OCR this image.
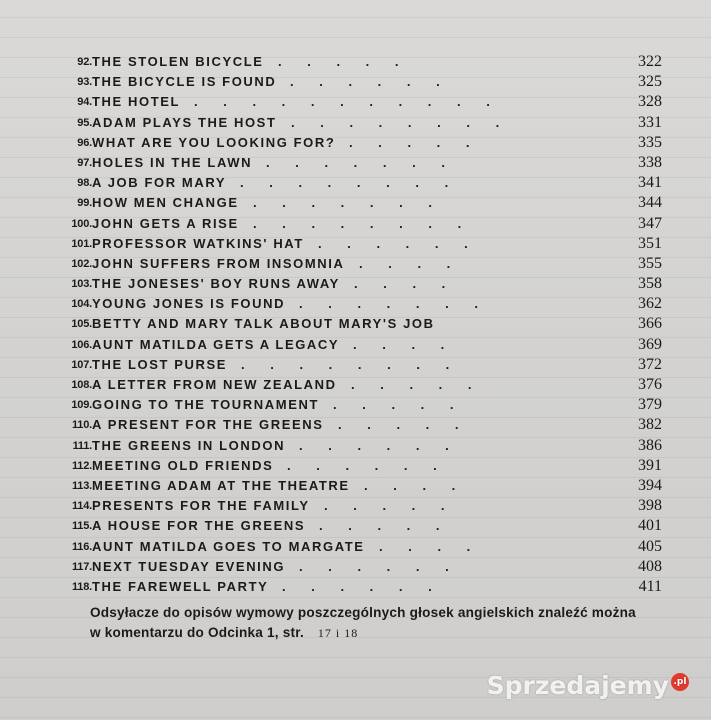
92. THE STOLEN BICYCLE	322
. . . . .
93. THE BICYCLE IS FOUND	325
. . . . . .
94. THE HOTEL	328
. . . . . . . . . . .
95. ADAM PLAYS THE HOST	331
. . . . . . . .
96. WHAT ARE YOU LOOKING FOR?	335
. . . . .
97. HOLES IN THE LAWN	338
. . . . . . .
98. A JOB FOR MARY	341
. . . . . . . .
99. HOW MEN CHANGE	344
. . . . . . .
100. JOHN GETS A RISE	347
. . . . . . . .
101. PROFESSOR WATKINS' HAT	351
. . . . . .
102. JOHN SUFFERS FROM INSOMNIA	355
. . . .
103. THE JONESES' BOY RUNS AWAY	358
. . . .
104. YOUNG JONES IS FOUND	362
. . . . . . .
105. BETTY AND MARY TALK ABOUT MARY'S JOB	366
106. AUNT MATILDA GETS A LEGACY	369
. . . .
107. THE LOST PURSE	372
. . . . . . . .
108. A LETTER FROM NEW ZEALAND	376
. . . . .
109. GOING TO THE TOURNAMENT	379
. . . . .
110. A PRESENT FOR THE GREENS	382
. . . . .
111. THE GREENS IN LONDON	386
. . . . . .
112. MEETING OLD FRIENDS	391
. . . . . .
113. MEETING ADAM AT THE THEATRE	394
. . . .
114. PRESENTS FOR THE FAMILY	398
. . . . .
115. A HOUSE FOR THE GREENS	401
. . . . .
116. AUNT MATILDA GOES TO MARGATE	405
. . . .
117. NEXT TUESDAY EVENING	408
. . . . . .
118. THE FAREWELL PARTY	411
. . . . . .
Odsyłacze do opisów wymowy poszczególnych głosek angielskich znaleźć można w komentarzu do Odcinka 1, str. 17 i 18
Sprzedajemy .pl
